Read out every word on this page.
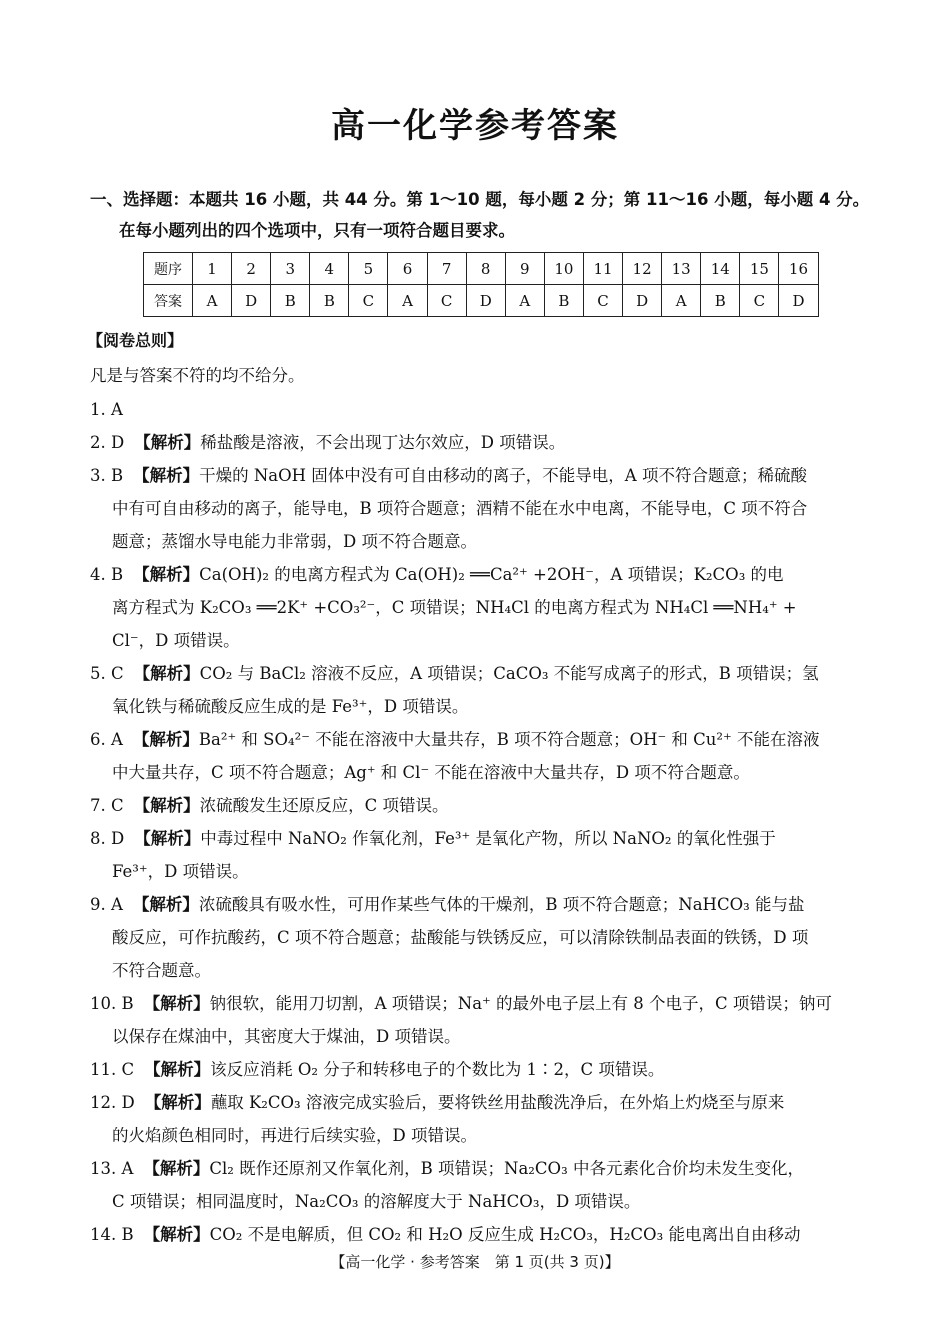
高一化学参考答案
一、选择题：本题共 16 小题，共 44 分。第 1～10 题，每小题 2 分；第 11～16 小题，每小题 4 分。
在每小题列出的四个选项中，只有一项符合题目要求。
题序	1	2	3	4	5	6	7	8	9	10	11	12	13	14	15	16
答案	A	D	B	B	C	A	C	D	A	B	C	D	A	B	C	D
【阅卷总则】
凡是与答案不符的均不给分。
1. A
2. D 【解析】稀盐酸是溶液，不会出现丁达尔效应，D 项错误。
3. B 【解析】干燥的 NaOH 固体中没有可自由移动的离子，不能导电，A 项不符合题意；稀硫酸
中有可自由移动的离子，能导电，B 项符合题意；酒精不能在水中电离，不能导电，C 项不符合
题意；蒸馏水导电能力非常弱，D 项不符合题意。
4. B 【解析】Ca(OH)₂ 的电离方程式为 Ca(OH)₂ ══Ca²⁺ +2OH⁻，A 项错误；K₂CO₃ 的电
离方程式为 K₂CO₃ ══2K⁺ +CO₃²⁻，C 项错误；NH₄Cl 的电离方程式为 NH₄Cl ══NH₄⁺ +
Cl⁻，D 项错误。
5. C 【解析】CO₂ 与 BaCl₂ 溶液不反应，A 项错误；CaCO₃ 不能写成离子的形式，B 项错误；氢
氧化铁与稀硫酸反应生成的是 Fe³⁺，D 项错误。
6. A 【解析】Ba²⁺ 和 SO₄²⁻ 不能在溶液中大量共存，B 项不符合题意；OH⁻ 和 Cu²⁺ 不能在溶液
中大量共存，C 项不符合题意；Ag⁺ 和 Cl⁻ 不能在溶液中大量共存，D 项不符合题意。
7. C 【解析】浓硫酸发生还原反应，C 项错误。
8. D 【解析】中毒过程中 NaNO₂ 作氧化剂，Fe³⁺ 是氧化产物，所以 NaNO₂ 的氧化性强于
Fe³⁺，D 项错误。
9. A 【解析】浓硫酸具有吸水性，可用作某些气体的干燥剂，B 项不符合题意；NaHCO₃ 能与盐
酸反应，可作抗酸药，C 项不符合题意；盐酸能与铁锈反应，可以清除铁制品表面的铁锈，D 项
不符合题意。
10. B 【解析】钠很软，能用刀切割，A 项错误；Na⁺ 的最外电子层上有 8 个电子，C 项错误；钠可
以保存在煤油中，其密度大于煤油，D 项错误。
11. C 【解析】该反应消耗 O₂ 分子和转移电子的个数比为 1∶2，C 项错误。
12. D 【解析】蘸取 K₂CO₃ 溶液完成实验后，要将铁丝用盐酸洗净后，在外焰上灼烧至与原来
的火焰颜色相同时，再进行后续实验，D 项错误。
13. A 【解析】Cl₂ 既作还原剂又作氧化剂，B 项错误；Na₂CO₃ 中各元素化合价均未发生变化，
C 项错误；相同温度时，Na₂CO₃ 的溶解度大于 NaHCO₃，D 项错误。
14. B 【解析】CO₂ 不是电解质，但 CO₂ 和 H₂O 反应生成 H₂CO₃，H₂CO₃ 能电离出自由移动
【高一化学 · 参考答案　第 1 页(共 3 页)】
